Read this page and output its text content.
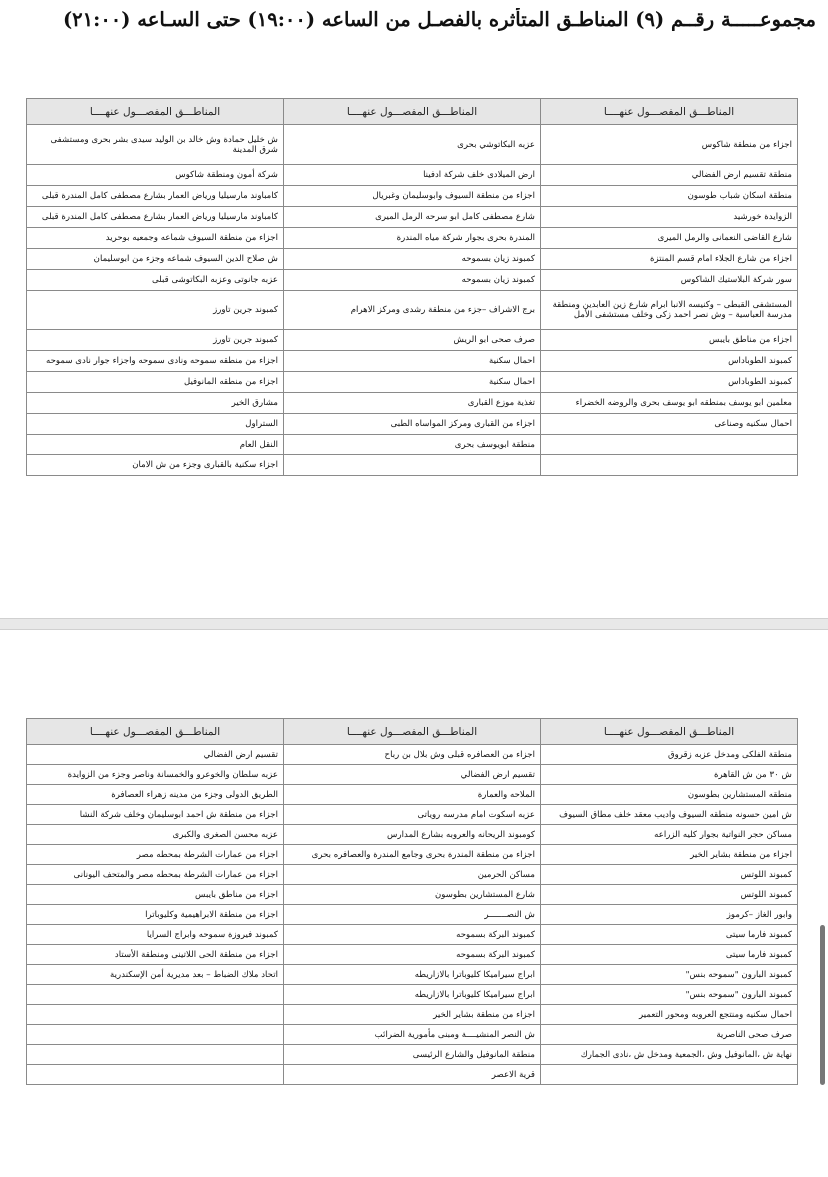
مجموعـــــة رقــم (٩) المناطـق المتأثره بالفصـل من الساعه (١٩:٠٠) حتى السـاعه (٢١:٠٠)
المناطـــق المفصـــول عنهــــا	المناطـــق المفصـــول عنهــــا	المناطـــق المفصـــول عنهــــا
اجزاء من منطقة شاكوس	عزبه البكاتوشي بحرى	ش خليل حمادة وش خالد بن الوليد سيدى بشر بحرى ومستشفى شرق المدينة
منطقة تقسيم ارض الفضالي	ارض الميلادى خلف شركة ادفينا	شركة أمون ومنطقة شاكوس
منطقة اسكان شباب طوسون	اجزاء من منطقة السيوف وابوسليمان وغبريال	كامباوند مارسيليا ورياض العمار بشارع مصطفى كامل المندرة قبلى
الزوايدة خورشيد	شارع مصطفى كامل ابو سرحه الرمل الميرى	كامباوند مارسيليا ورياض العمار بشارع مصطفى كامل المندرة قبلى
شارع القاضى النعمانى والرمل الميرى	المندرة بحرى بجوار شركة مياه المندرة	اجزاء من منطقة السيوف شماعه وجمعيه بوحريد
اجزاء من شارع الجلاء امام قسم المنتزة	كمبوند زيان بسموحه	ش صلاح الدين السيوف شماعه وجزء من ابوسليمان
سور شركة البلاستيك الشاكوس	كمبوند زيان بسموحه	عزبه جانوتى وعزبه البكاتوشى قبلى
المستشفى القبطى – وكنيسه الانبا ابرام شارع زين العابدين ومنطقة مدرسة العباسية – وش نصر احمد زكى وخلف مستشفى الأمل	برج الاشراف –جزء من منطقة رشدى ومركز الاهرام	كمبوند جرين تاورز
اجزاء من مناطق بايبس	صرف صحى ابو الريش	كمبوند جرين تاورز
كمبوند الطوباداس	احمال سكنية	اجزاء من منطقه سموحه ونادى سموحه واجزاء جوار نادى سموحه
كمبوند الطوباداس	احمال سكنية	اجزاء من منطقه المانوفيل
معلمين ابو يوسف بمنطقه ابو يوسف بحرى والروضه الخضراء	تغذية موزع القبارى	مشارق الخير
احمال سكنيه وصناعى	اجزاء من القبارى ومركز المواساه الطبى	الستراول
	منطقة ابويوسف بحرى	النقل العام
		اجزاء سكنية بالقبارى وجزء من ش الامان
المناطـــق المفصـــول عنهــــا	المناطـــق المفصـــول عنهــــا	المناطـــق المفصـــول عنهــــا
منطقة الفلكى ومدخل عزبه زقروق	اجزاء من العصافره قبلى وش بلال بن رباح	تقسيم ارض الفضالي
ش ٣٠ من ش القاهرة	تقسيم ارض الفضالي	عزبه سلطان والخوعرو والخمسانة وناصر وجزء من الزوايدة
منطقه المستشارين بطوسون	الملاحه والعمارة	الطريق الدولى وجزء من مدينه زهراء العصافرة
ش امين حسونه منطقه السيوف واديب معقد خلف مطاق السيوف	عزبه اسكوت امام مدرسه روياتى	اجزاء من منطقة ش احمد ابوسليمان وخلف شركة النشا
مساكن حجر النواتية بجوار كليه الزراعه	كومبوند الريحانه والعروبه بشارع المدارس	عزبه محسن الصغرى والكبرى
اجزاء من منطقة بشاير الخير	اجزاء من منطقة المندرة بحرى وجامع المندرة والعصافره بحرى	اجزاء من عمارات الشرطة بمحطه مصر
كمبوند اللوتس	مساكن الحرمين	اجزاء من عمارات الشرطة بمحطه مصر والمتحف اليونانى
كمبوند اللوتس	شارع المستشارين بطوسون	اجزاء من مناطق بايبس
وابور الغاز –كرموز	ش النصـــــــر	اجزاء من منطقة الابراهيمية وكليوباترا
كمبوند فارما سيتى	كمبوند البركة بسموحه	كمبوند فيروزة سموحه وابراج السرايا
كمبوند فارما سيتى	كمبوند البركة بسموحه	اجزاء من منطقة الحى اللاتينى ومنطقة الأستاد
كمبوند البارون "سموحه بنس"	ابراج سيراميكا كليوباترا بالازاريطه	اتحاد ملاك الضباط – بعد مديرية أمن الإسكندرية
كمبوند البارون "سموحه بنس"	ابراج سيراميكا كليوباترا بالازاريطه	
احمال سكنيه ومنتجع العروبه ومحور التعمير	اجزاء من منطقة بشاير الخير	
صرف صحى الناصرية	ش النصر المنشيــــة ومبنى مأمورية الضرائب	
نهاية ش ،المانوفيل وش ،الجمعية ومدخل ش ،نادى الجمارك	منطقة المانوفيل والشارع الرئيسى	
	قرية الاعصر	
